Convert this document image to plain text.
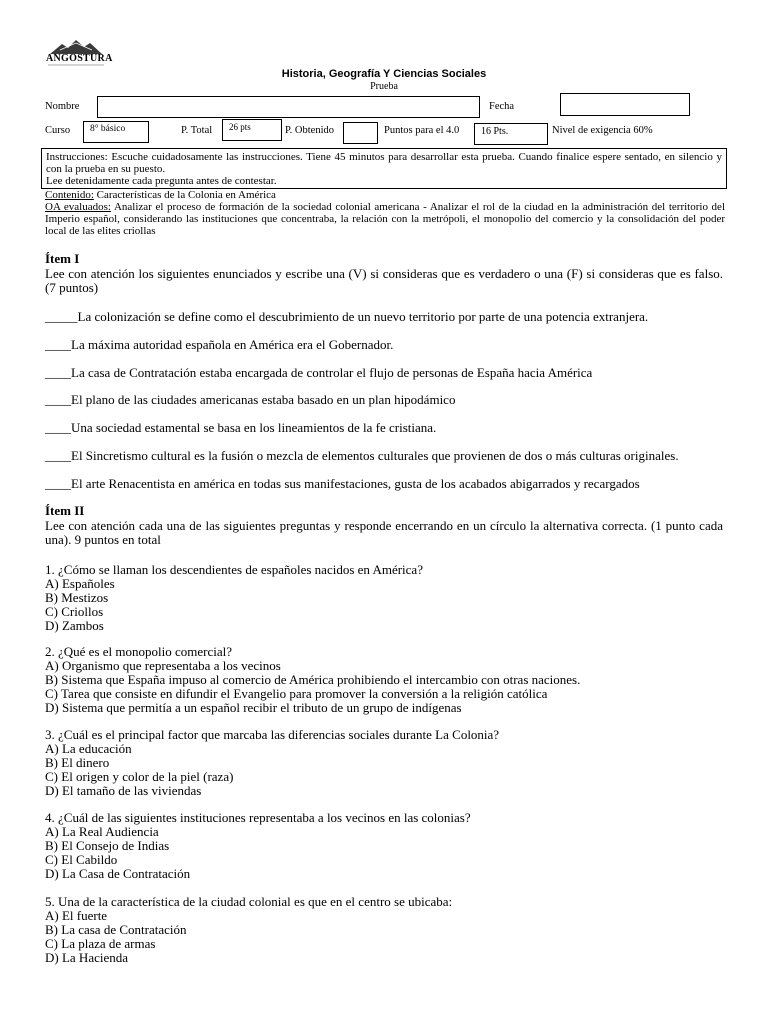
ANGOSTURA
Historia, Geografía Y Ciencias Sociales
Prueba
Nombre	Fecha
Curso	8° básico	P. Total	26 pts	P. Obtenido	Puntos para el 4.0	16 Pts.	Nivel de exigencia 60%
Instrucciones: Escuche cuidadosamente las instrucciones. Tiene 45 minutos para desarrollar esta prueba. Cuando finalice espere sentado, en silencio y con la prueba en su puesto.
Lee detenidamente cada pregunta antes de contestar.
Contenido: Características de la Colonia en América
OA evaluados: Analizar el proceso de formación de la sociedad colonial americana - Analizar el rol de la ciudad en la administración del territorio del Imperio español, considerando las instituciones que concentraba, la relación con la metrópoli, el monopolio del comercio y la consolidación del poder local de las elites criollas
Ítem I
Lee con atención los siguientes enunciados y escribe una (V) si consideras que es verdadero o una (F) si consideras que es falso. (7 puntos)
_____La colonización se define como el descubrimiento de un nuevo territorio por parte de una potencia extranjera.
____La máxima autoridad española en América era el Gobernador.
____La casa de Contratación estaba encargada de controlar el flujo de personas de España hacia América
____El plano de las ciudades americanas estaba basado en un plan hipodámico
____Una sociedad estamental se basa en los lineamientos de la fe cristiana.
____El Sincretismo cultural es la fusión o mezcla de elementos culturales que provienen de dos o más culturas originales.
____El arte Renacentista en américa en todas sus manifestaciones, gusta de los acabados abigarrados y recargados
Ítem II
Lee con atención cada una de las siguientes preguntas y responde encerrando en un círculo la alternativa correcta. (1 punto cada una). 9 puntos en total
1. ¿Cómo se llaman los descendientes de españoles nacidos en América?
A) Españoles
B) Mestizos
C) Criollos
D) Zambos
2. ¿Qué es el monopolio comercial?
A) Organismo que representaba a los vecinos
B) Sistema que España impuso al comercio de América prohibiendo el intercambio con otras naciones.
C) Tarea que consiste en difundir el Evangelio para promover la conversión a la religión católica
D) Sistema que permitía a un español recibir el tributo de un grupo de indígenas
3. ¿Cuál es el principal factor que marcaba las diferencias sociales durante La Colonia?
A) La educación
B) El dinero
C) El origen y color de la piel (raza)
D) El tamaño de las viviendas
4. ¿Cuál de las siguientes instituciones representaba a los vecinos en las colonias?
A) La Real Audiencia
B) El Consejo de Indias
C) El Cabildo
D) La Casa de Contratación
5. Una de la característica de la ciudad colonial es que en el centro se ubicaba:
A) El fuerte
B) La casa de Contratación
C) La plaza de armas
D) La Hacienda
